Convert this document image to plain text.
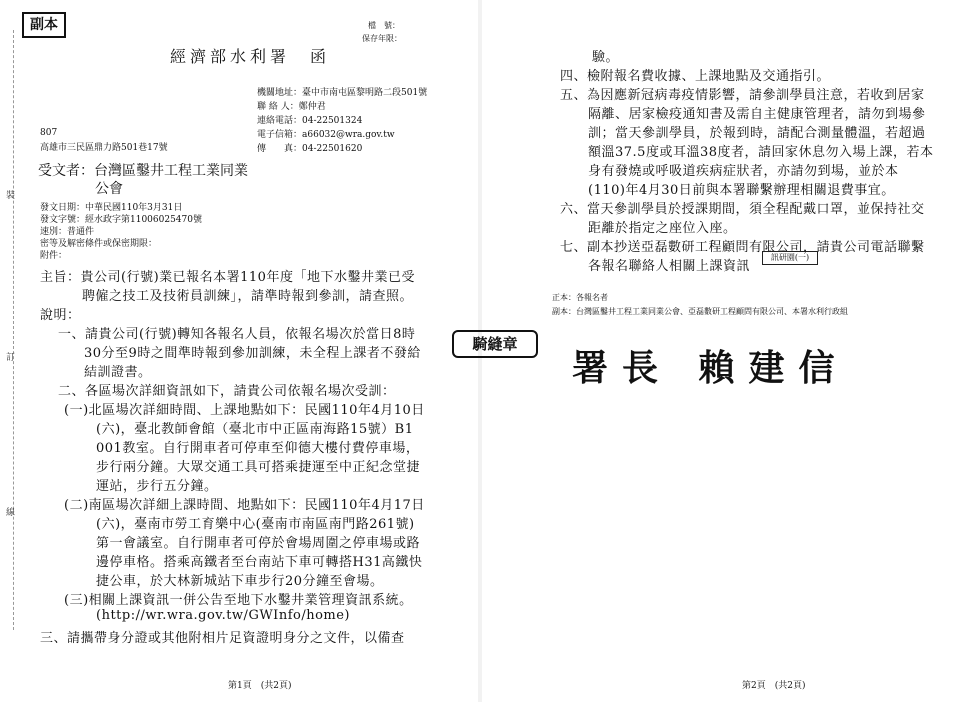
副本
裝
訂
線
檔　號：
保存年限：
經濟部水利署　函
807
高雄市三民區鼎力路501巷17號
機關地址：臺中市南屯區黎明路二段501號
聯 絡 人：鄭仲君
連絡電話：04-22501324
電子信箱：a66032@wra.gov.tw
傳　　真：04-22501620
受文者：台灣區鑿井工程工業同業
公會
發文日期：中華民國110年3月31日
發文字號：經水政字第11006025470號
速別：普通件
密等及解密條件或保密期限：
附件：
主旨：貴公司(行號)業已報名本署110年度「地下水鑿井業已受
聘僱之技工及技術員訓練」，請準時報到參訓，請查照。
說明：
一、請貴公司(行號)轉知各報名人員，依報名場次於當日8時
30分至9時之間準時報到參加訓練，未全程上課者不發給
結訓證書。
二、各區場次詳細資訊如下，請貴公司依報名場次受訓：
(一)北區場次詳細時間、上課地點如下：民國110年4月10日
(六)，臺北教師會館（臺北市中正區南海路15號）B1
001教室。自行開車者可停車至仰德大樓付費停車場，
步行兩分鐘。大眾交通工具可搭乘捷運至中正紀念堂捷
運站，步行五分鐘。
(二)南區場次詳細上課時間、地點如下：民國110年4月17日
(六)，臺南市勞工育樂中心(臺南市南區南門路261號)
第一會議室。自行開車者可停於會場周圍之停車場或路
邊停車格。搭乘高鐵者至台南站下車可轉搭H31高鐵快
捷公車，於大林新城站下車步行20分鐘至會場。
(三)相關上課資訊一併公告至地下水鑿井業管理資訊系統。
(http://wr.wra.gov.tw/GWInfo/home)
三、請攜帶身分證或其他附相片足資證明身分之文件，以備查
第1頁　(共2頁)
驗。
四、檢附報名費收據、上課地點及交通指引。
五、為因應新冠病毒疫情影響，請參訓學員注意，若收到居家
隔離、居家檢疫通知書及需自主健康管理者，請勿到場參
訓；當天參訓學員，於報到時，請配合測量體溫，若超過
額溫37.5度或耳溫38度者，請回家休息勿入場上課，若本
身有發燒或呼吸道疾病症狀者，亦請勿到場，並於本
(110)年4月30日前與本署聯繫辦理相關退費事宜。
六、當天參訓學員於授課期間，須全程配戴口罩，並保持社交
距離於指定之座位入座。
七、副本抄送亞磊數研工程顧問有限公司，請貴公司電話聯繫
各報名聯絡人相關上課資訊
訊研園(一)
正本：各報名者
副本：台灣區鑿井工程工業同業公會、亞磊數研工程顧問有限公司、本署水利行政組
署長 賴建信
第2頁　(共2頁)
騎縫章
